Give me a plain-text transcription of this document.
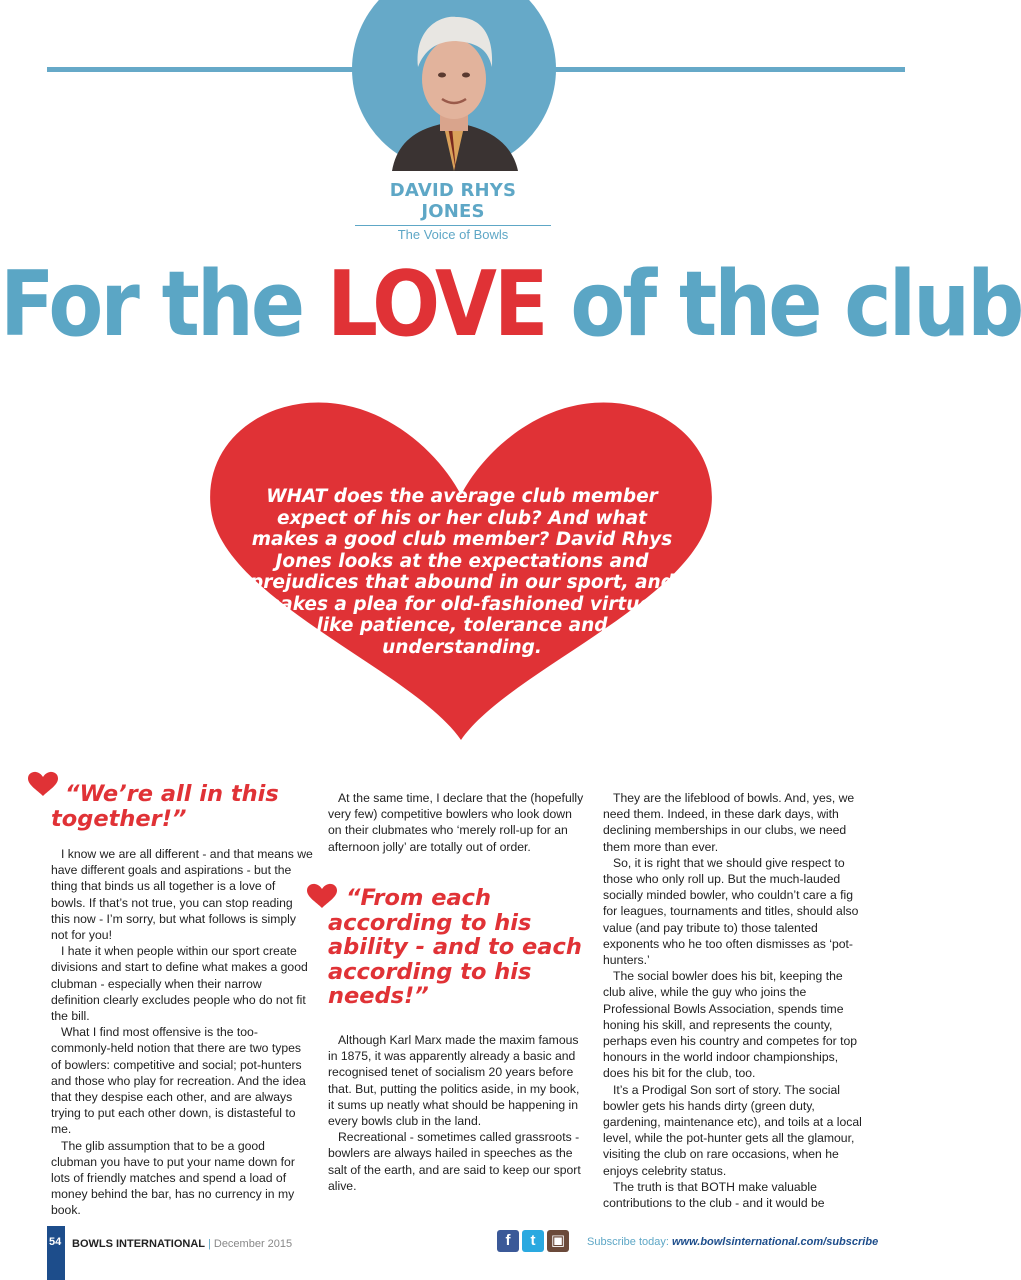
DAVID RHYS JONES
The Voice of Bowls
For the LOVE of the club
WHAT does the average club member expect of his or her club? And what makes a good club member? David Rhys Jones looks at the expectations and prejudices that abound in our sport, and makes a plea for old-fashioned virtues like patience, tolerance and understanding.
“We’re all in this
together!”

I know we are all different - and that means we have different goals and aspirations - but the thing that binds us all together is a love of bowls. If that’s not true, you can stop reading this now - I’m sorry, but what follows is simply not for you!

I hate it when people within our sport create divisions and start to define what makes a good clubman - especially when their narrow definition clearly excludes people who do not fit the bill.

What I find most offensive is the too-commonly-held notion that there are two types of bowlers: competitive and social; pot-hunters and those who play for recreation. And the idea that they despise each other, and are always trying to put each other down, is distasteful to me.

The glib assumption that to be a good clubman you have to put your name down for lots of friendly matches and spend a load of money behind the bar, has no currency in my book.

At the same time, I declare that the (hopefully very few) competitive bowlers who look down on their clubmates who ‘merely roll-up for an afternoon jolly’ are totally out of order.

“From each
according to his
ability - and to each
according to his
needs!”

Although Karl Marx made the maxim famous in 1875, it was apparently already a basic and recognised tenet of socialism 20 years before that. But, putting the politics aside, in my book, it sums up neatly what should be happening in every bowls club in the land.

Recreational - sometimes called grassroots - bowlers are always hailed in speeches as the salt of the earth, and are said to keep our sport alive.

They are the lifeblood of bowls. And, yes, we need them. Indeed, in these dark days, with declining memberships in our clubs, we need them more than ever.

So, it is right that we should give respect to those who only roll up. But the much-lauded socially minded bowler, who couldn’t care a fig for leagues, tournaments and titles, should also value (and pay tribute to) those talented exponents who he too often dismisses as ‘pot-hunters.’

The social bowler does his bit, keeping the club alive, while the guy who joins the Professional Bowls Association, spends time honing his skill, and represents the county, perhaps even his country and competes for top honours in the world indoor championships, does his bit for the club, too.

It’s a Prodigal Son sort of story. The social bowler gets his hands dirty (green duty, gardening, maintenance etc), and toils at a local level, while the pot-hunter gets all the glamour, visiting the club on rare occasions, when he enjoys celebrity status.

The truth is that BOTH make valuable contributions to the club - and it would be

54 BOWLS INTERNATIONAL | December 2015	f	t	▣	Subscribe today: www.bowlsinternational.com/subscribe
